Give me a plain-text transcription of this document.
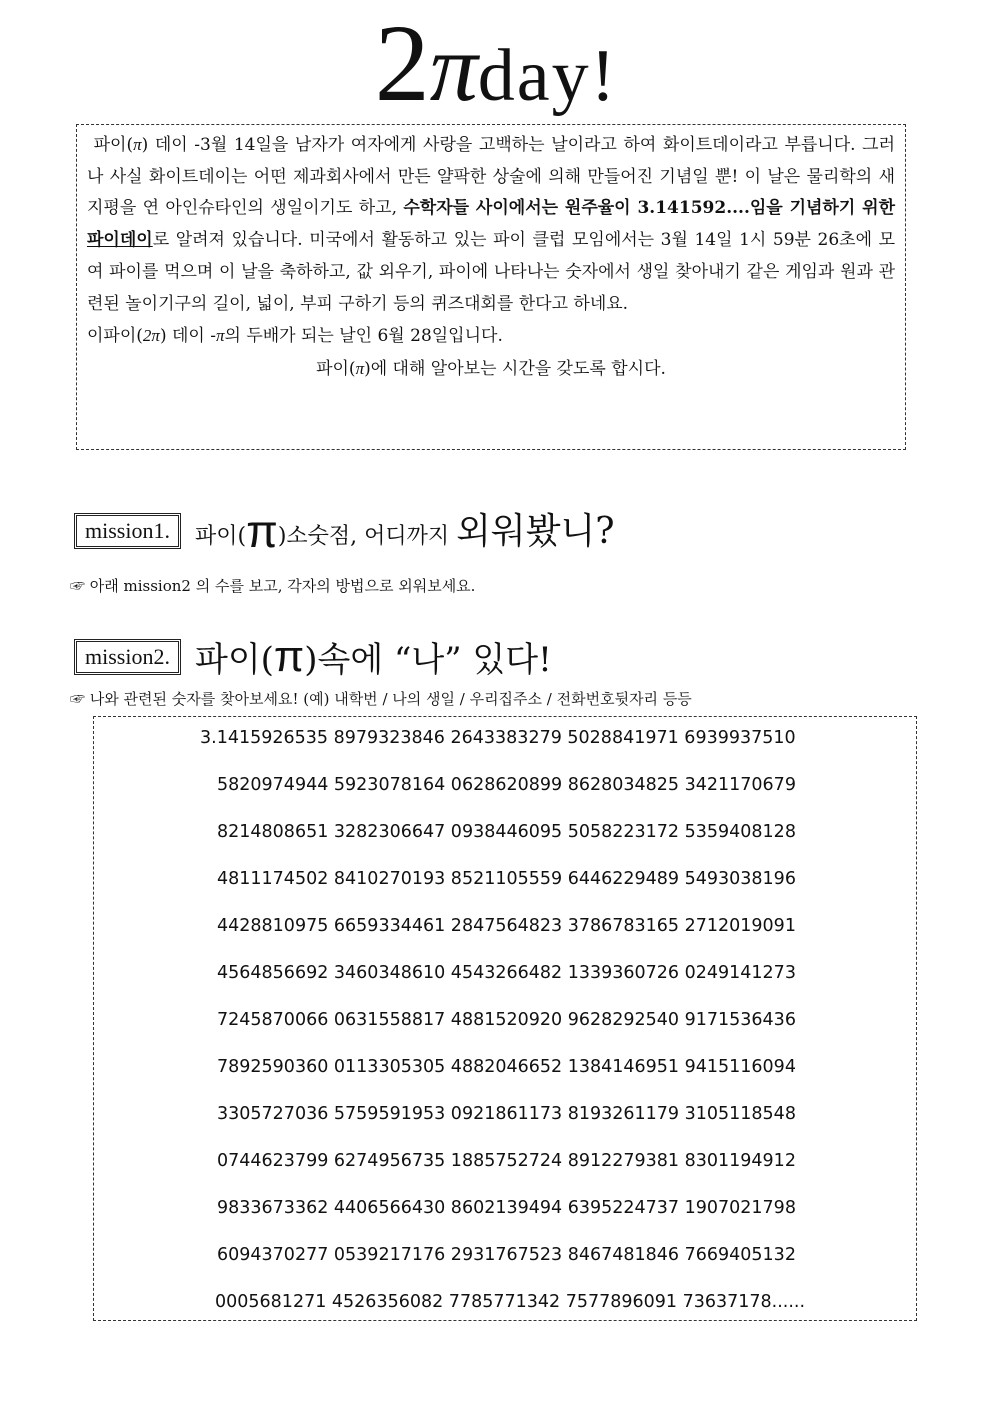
2πday!

파이(π) 데이 -3월 14일을 남자가 여자에게 사랑을 고백하는 날이라고 하여 화이트데이라고 부릅니다. 그러나 사실 화이트데이는 어떤 제과회사에서 만든 얄팍한 상술에 의해 만들어진 기념일 뿐! 이 날은 물리학의 새 지평을 연 아인슈타인의 생일이기도 하고, 수학자들 사이에서는 원주율이 3.141592....임을 기념하기 위한 파이데이로 알려져 있습니다. 미국에서 활동하고 있는 파이 클럽 모임에서는 3월 14일 1시 59분 26초에 모여 파이를 먹으며 이 날을 축하하고, 값 외우기, 파이에 나타나는 숫자에서 생일 찾아내기 같은 게임과 원과 관련된 놀이기구의 길이, 넓이, 부피 구하기 등의 퀴즈대회를 한다고 하네요.

이파이(2π) 데이 -π의 두배가 되는 날인 6월 28일입니다.

파이(π)에 대해 알아보는 시간을 갖도록 합시다.

mission1.	파이(π)소숫점, 어디까지 외워봤니?
☞ 아래 mission2 의 수를 보고, 각자의 방법으로 외워보세요.
mission2. 파이(π)속에 “나” 있다!
☞ 나와 관련된 숫자를 찾아보세요! (예) 내학번 / 나의 생일 / 우리집주소 / 전화번호뒷자리 등등
3.1415926535 8979323846 2643383279 5028841971 6939937510
5820974944 5923078164 0628620899 8628034825 3421170679
8214808651 3282306647 0938446095 5058223172 5359408128
4811174502 8410270193 8521105559 6446229489 5493038196
4428810975 6659334461 2847564823 3786783165 2712019091
4564856692 3460348610 4543266482 1339360726 0249141273
7245870066 0631558817 4881520920 9628292540 9171536436
7892590360 0113305305 4882046652 1384146951 9415116094
3305727036 5759591953 0921861173 8193261179 3105118548
0744623799 6274956735 1885752724 8912279381 8301194912
9833673362 4406566430 8602139494 6395224737 1907021798
6094370277 0539217176 2931767523 8467481846 7669405132
0005681271 4526356082 7785771342 7577896091 73637178......
